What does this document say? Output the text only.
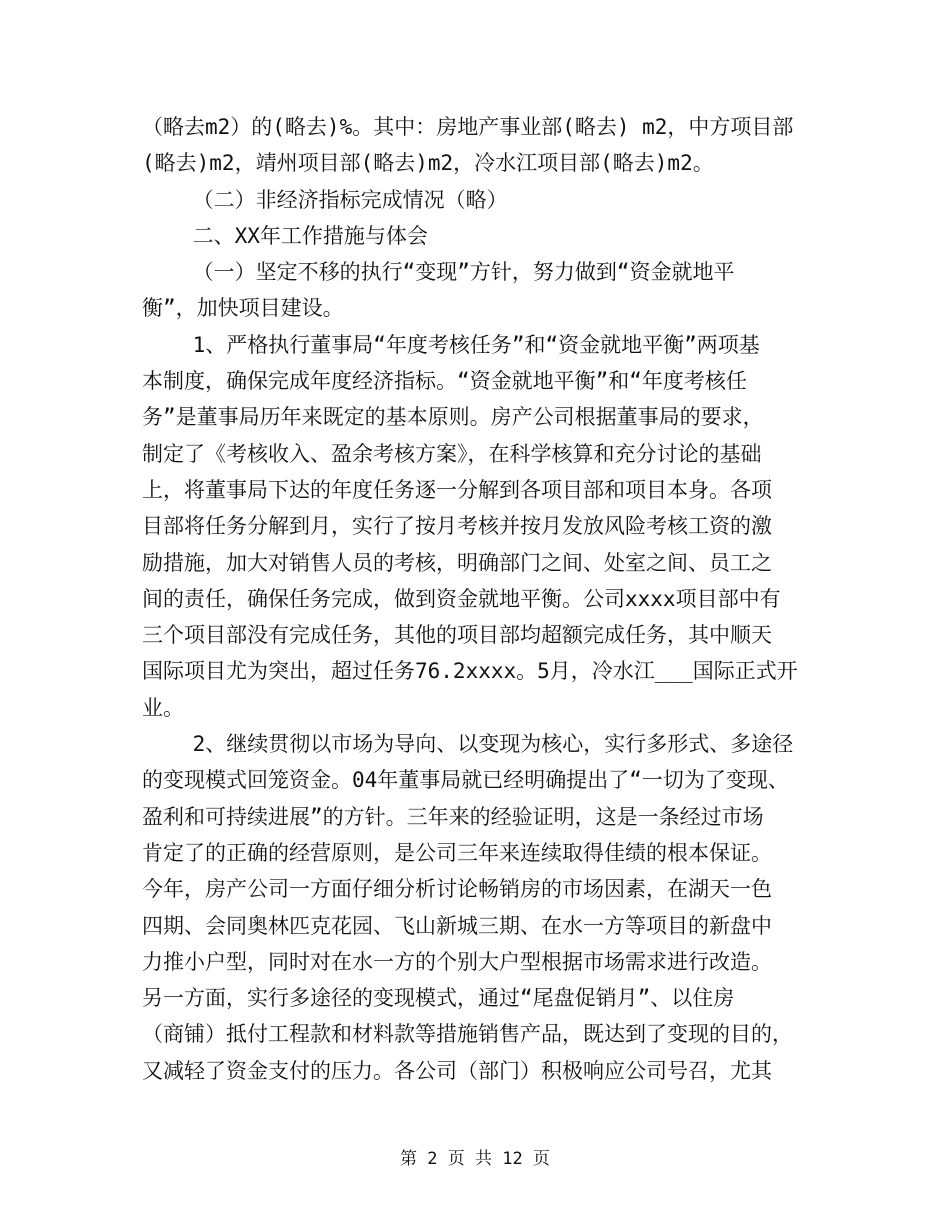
（略去m2）的(略去)%。其中：房地产事业部(略去) m2，中方项目部
(略去)m2，靖州项目部(略去)m2，冷水江项目部(略去)m2。
（二）非经济指标完成情况（略）
二、XX年工作措施与体会
（一）坚定不移的执行“变现”方针，努力做到“资金就地平
衡”，加快项目建设。
1、严格执行董事局“年度考核任务”和“资金就地平衡”两项基
本制度，确保完成年度经济指标。“资金就地平衡”和“年度考核任
务”是董事局历年来既定的基本原则。房产公司根据董事局的要求，
制定了《考核收入、盈余考核方案》，在科学核算和充分讨论的基础
上，将董事局下达的年度任务逐一分解到各项目部和项目本身。各项
目部将任务分解到月，实行了按月考核并按月发放风险考核工资的激
励措施，加大对销售人员的考核，明确部门之间、处室之间、员工之
间的责任，确保任务完成，做到资金就地平衡。公司xxxx项目部中有
三个项目部没有完成任务，其他的项目部均超额完成任务，其中顺天
国际项目尤为突出，超过任务76.2xxxx。5月，冷水江___国际正式开
业。
2、继续贯彻以市场为导向、以变现为核心，实行多形式、多途径
的变现模式回笼资金。04年董事局就已经明确提出了“一切为了变现、
盈利和可持续进展”的方针。三年来的经验证明，这是一条经过市场
肯定了的正确的经营原则，是公司三年来连续取得佳绩的根本保证。
今年，房产公司一方面仔细分析讨论畅销房的市场因素，在湖天一色
四期、会同奥林匹克花园、飞山新城三期、在水一方等项目的新盘中
力推小户型，同时对在水一方的个别大户型根据市场需求进行改造。
另一方面，实行多途径的变现模式，通过“尾盘促销月”、以住房
（商铺）抵付工程款和材料款等措施销售产品，既达到了变现的目的，
又减轻了资金支付的压力。各公司（部门）积极响应公司号召，尤其
第 2 页 共 12 页
